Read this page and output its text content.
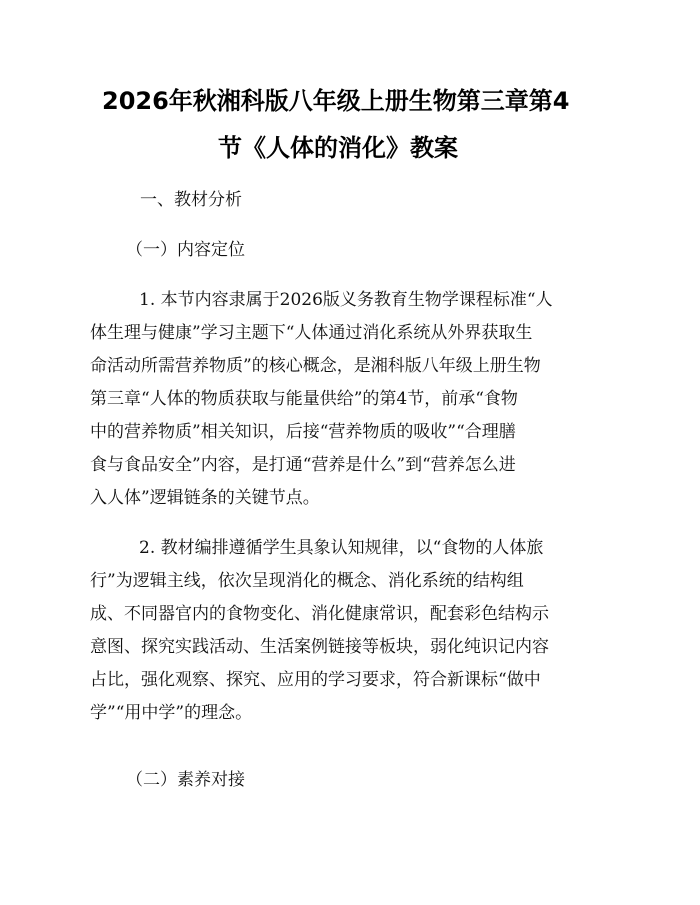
2026年秋湘科版八年级上册生物第三章第4
节《人体的消化》教案
一、教材分析
（一）内容定位
1. 本节内容隶属于2026版义务教育生物学课程标准“人
体生理与健康”学习主题下“人体通过消化系统从外界获取生
命活动所需营养物质”的核心概念，是湘科版八年级上册生物
第三章“人体的物质获取与能量供给”的第4节，前承“食物
中的营养物质”相关知识，后接“营养物质的吸收”“合理膳
食与食品安全”内容，是打通“营养是什么”到“营养怎么进
入人体”逻辑链条的关键节点。
2. 教材编排遵循学生具象认知规律，以“食物的人体旅
行”为逻辑主线，依次呈现消化的概念、消化系统的结构组
成、不同器官内的食物变化、消化健康常识，配套彩色结构示
意图、探究实践活动、生活案例链接等板块，弱化纯识记内容
占比，强化观察、探究、应用的学习要求，符合新课标“做中
学”“用中学”的理念。
（二）素养对接
